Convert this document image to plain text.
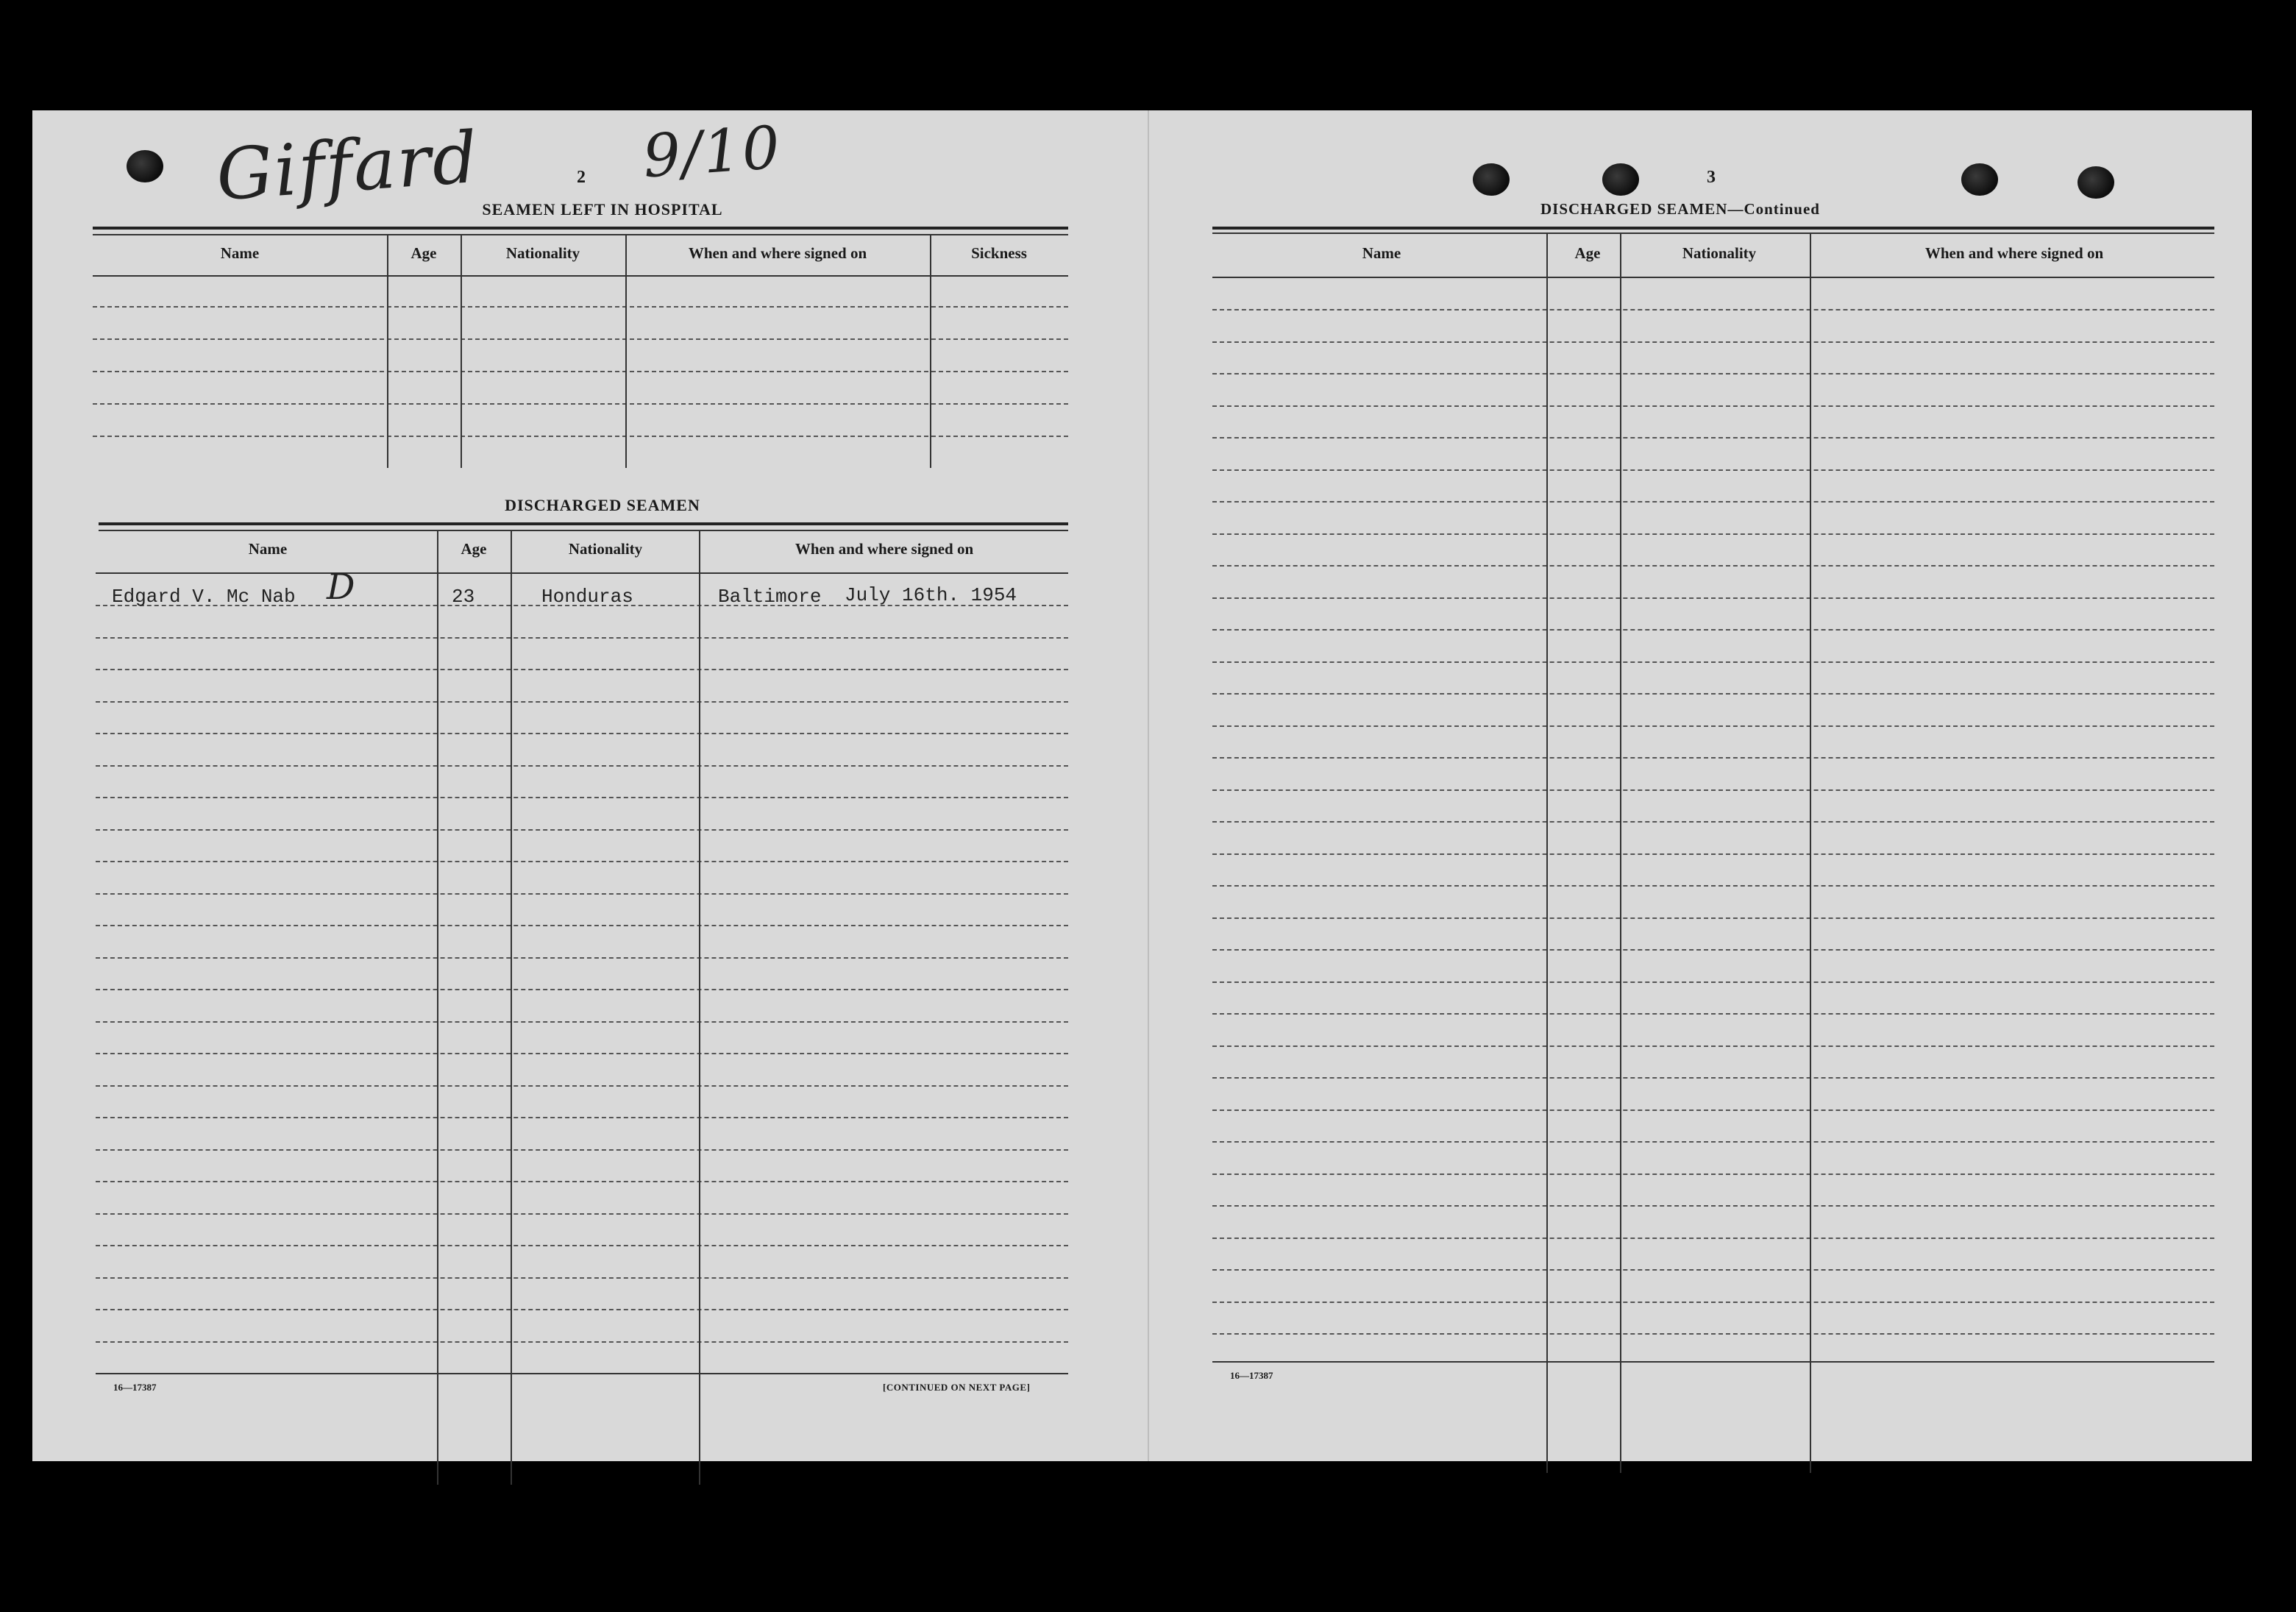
Giffard	9/10
2
SEAMEN LEFT IN HOSPITAL
Name	Age	Nationality	When and where signed on	Sickness
DISCHARGED SEAMEN
Name	Age	Nationality	When and where signed on
Edgard V. Mc Nab D	23	Honduras	Baltimore July 16th. 1954
16—17387	[CONTINUED ON NEXT PAGE]
3
DISCHARGED SEAMEN—Continued
Name	Age	Nationality	When and where signed on
16—17387
